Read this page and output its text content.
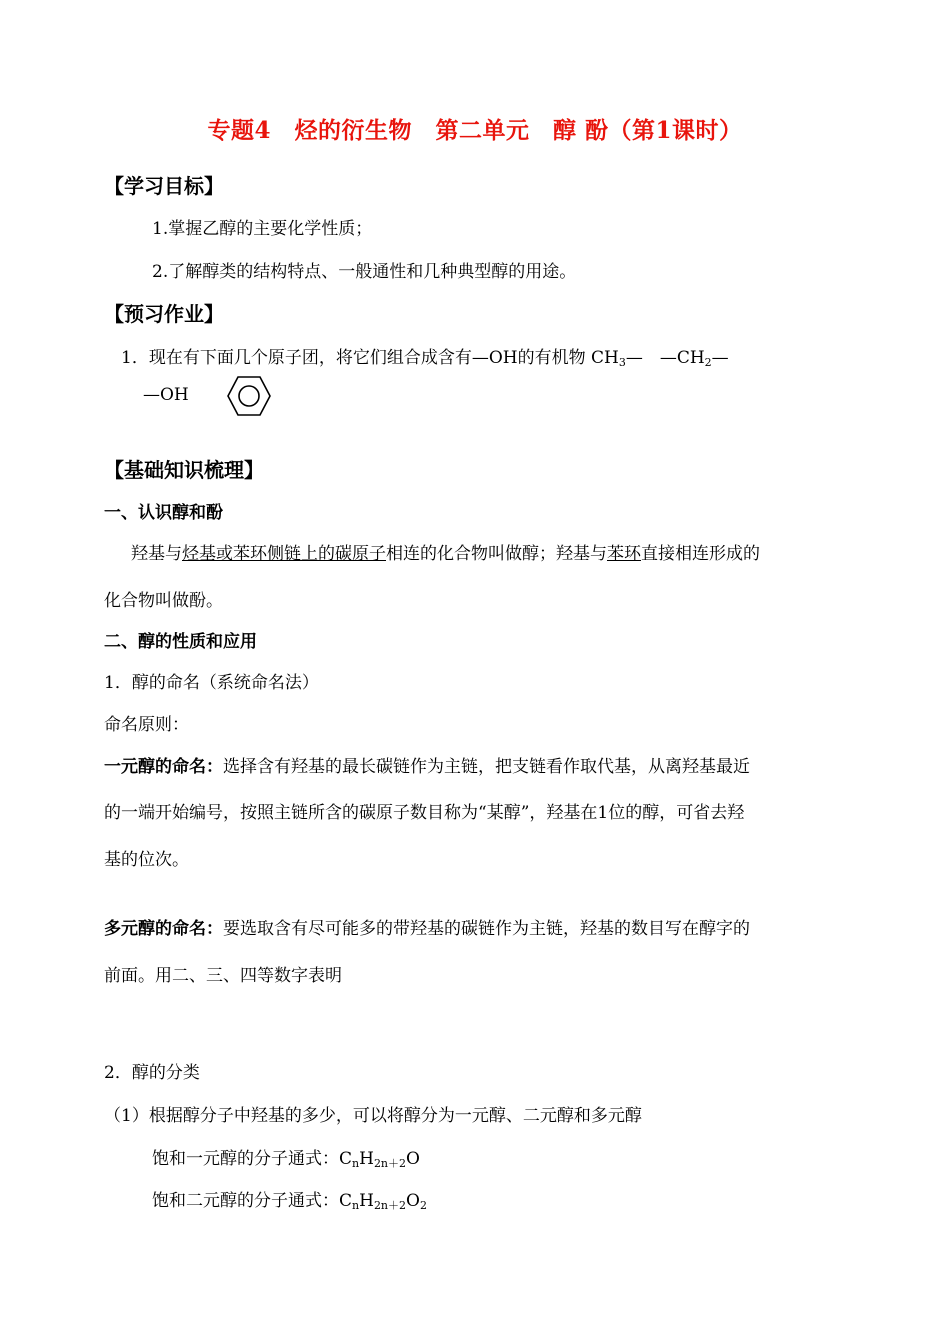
专题4　烃的衍生物　第二单元　醇 酚（第1课时）
【学习目标】
1.掌握乙醇的主要化学性质；
2.了解醇类的结构特点、一般通性和几种典型醇的用途。
【预习作业】
1．现在有下面几个原子团，将它们组合成含有—OH的有机物 $CH_3—$　$—CH_2—$
—OH
【基础知识梳理】
一、认识醇和酚
羟基与烃基或苯环侧链上的碳原子相连的化合物叫做醇；羟基与苯环直接相连形成的
化合物叫做酚。
二、醇的性质和应用
1．醇的命名（系统命名法）
命名原则：
一元醇的命名：选择含有羟基的最长碳链作为主链，把支链看作取代基，从离羟基最近
的一端开始编号，按照主链所含的碳原子数目称为“某醇”，羟基在1位的醇，可省去羟
基的位次。
多元醇的命名：要选取含有尽可能多的带羟基的碳链作为主链，羟基的数目写在醇字的
前面。用二、三、四等数字表明
2．醇的分类
（1）根据醇分子中羟基的多少，可以将醇分为一元醇、二元醇和多元醇
饱和一元醇的分子通式：$C_nH_{2n+2}O$
饱和二元醇的分子通式：$C_nH_{2n+2}O_2$
